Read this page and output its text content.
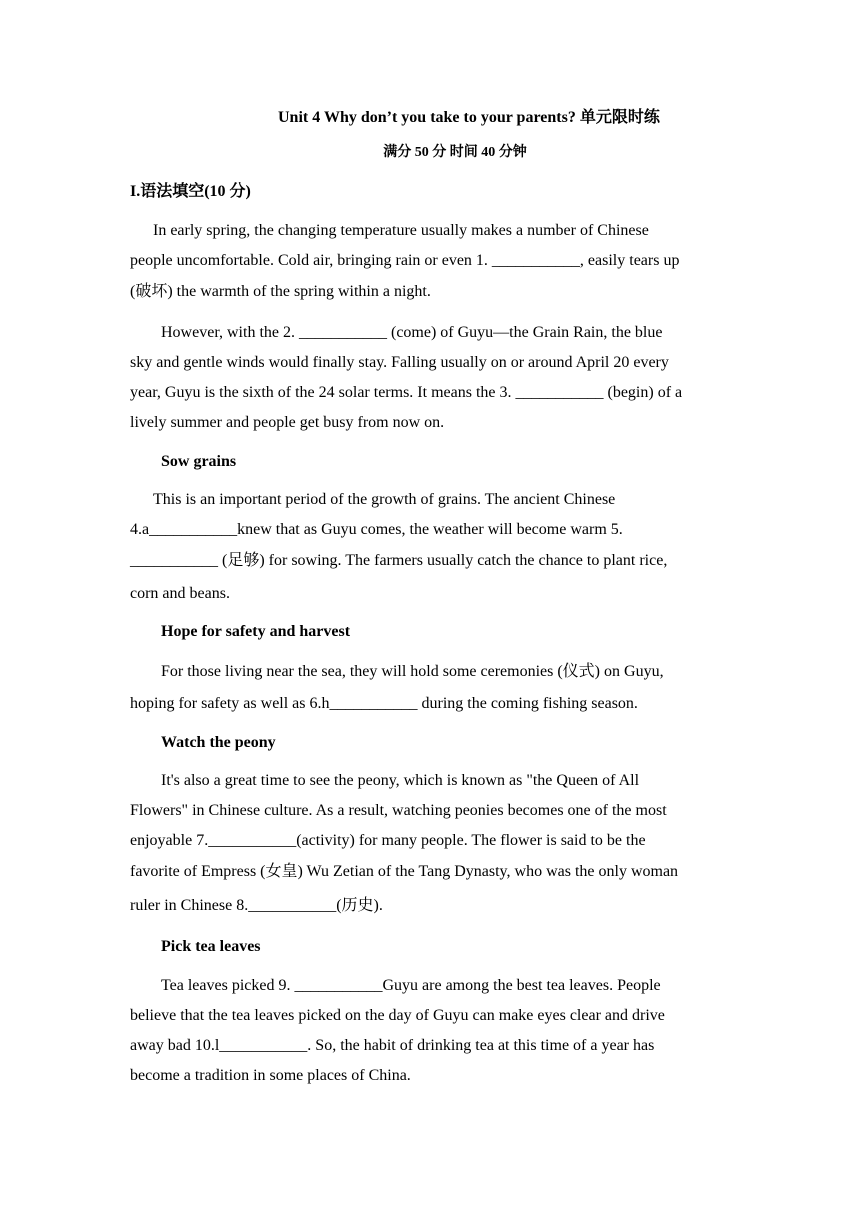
Unit 4 Why don’t you take to your parents? 单元限时练
满分 50 分 时间 40 分钟
I.语法填空(10 分)
In early spring, the changing temperature usually makes a number of Chinese
people uncomfortable. Cold air, bringing rain or even 1. ___________, easily tears up
(破坏) the warmth of the spring within a night.
However, with the 2. ___________ (come) of Guyu—the Grain Rain, the blue
sky and gentle winds would finally stay. Falling usually on or around April 20 every
year, Guyu is the sixth of the 24 solar terms. It means the 3. ___________ (begin) of a
lively summer and people get busy from now on.
Sow grains
This is an important period of the growth of grains. The ancient Chinese
4.a___________knew that as Guyu comes, the weather will become warm 5.
___________ (足够) for sowing. The farmers usually catch the chance to plant rice,
corn and beans.
Hope for safety and harvest
For those living near the sea, they will hold some ceremonies (仪式) on Guyu,
hoping for safety as well as 6.h___________ during the coming fishing season.
Watch the peony
It's also a great time to see the peony, which is known as "the Queen of All
Flowers" in Chinese culture. As a result, watching peonies becomes one of the most
enjoyable 7.___________(activity) for many people. The flower is said to be the
favorite of Empress (女皇) Wu Zetian of the Tang Dynasty, who was the only woman
ruler in Chinese 8.___________(历史).
Pick tea leaves
Tea leaves picked 9. ___________Guyu are among the best tea leaves. People
believe that the tea leaves picked on the day of Guyu can make eyes clear and drive
away bad 10.l___________. So, the habit of drinking tea at this time of a year has
become a tradition in some places of China.
